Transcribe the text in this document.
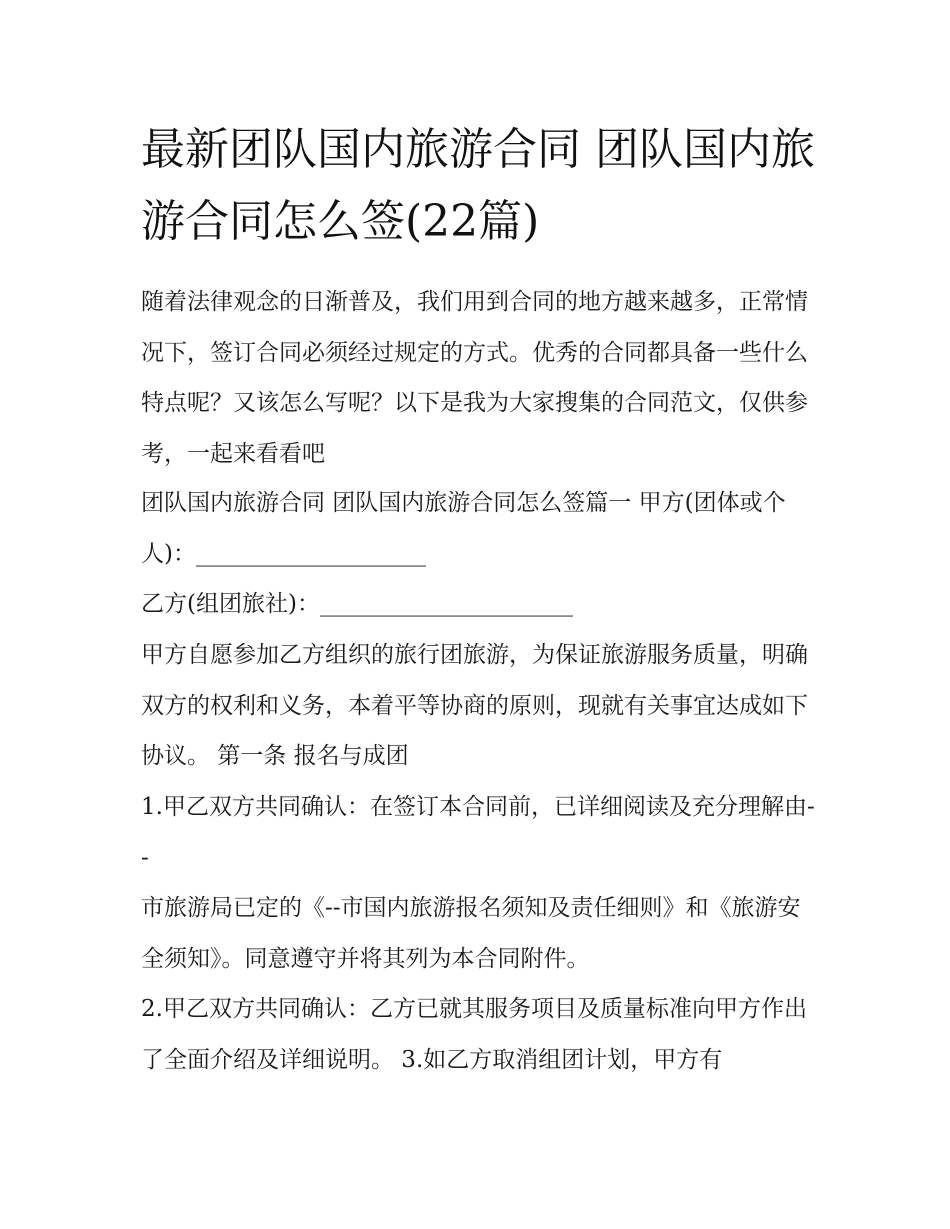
最新团队国内旅游合同 团队国内旅游合同怎么签(22篇)

随着法律观念的日渐普及，我们用到合同的地方越来越多，正常情况下，签订合同必须经过规定的方式。优秀的合同都具备一些什么特点呢？又该怎么写呢？以下是我为大家搜集的合同范文，仅供参考，一起来看看吧

团队国内旅游合同 团队国内旅游合同怎么签篇一 甲方(团体或个人)：____________________

乙方(组团旅社)：______________________

甲方自愿参加乙方组织的旅行团旅游，为保证旅游服务质量，明确双方的权利和义务，本着平等协商的原则，现就有关事宜达成如下协议。 第一条 报名与成团

1.甲乙双方共同确认：在签订本合同前，已详细阅读及充分理解由--

市旅游局已定的《--市国内旅游报名须知及责任细则》和《旅游安全须知》。同意遵守并将其列为本合同附件。

2.甲乙双方共同确认：乙方已就其服务项目及质量标准向甲方作出了全面介绍及详细说明。 3.如乙方取消组团计划，甲方有
